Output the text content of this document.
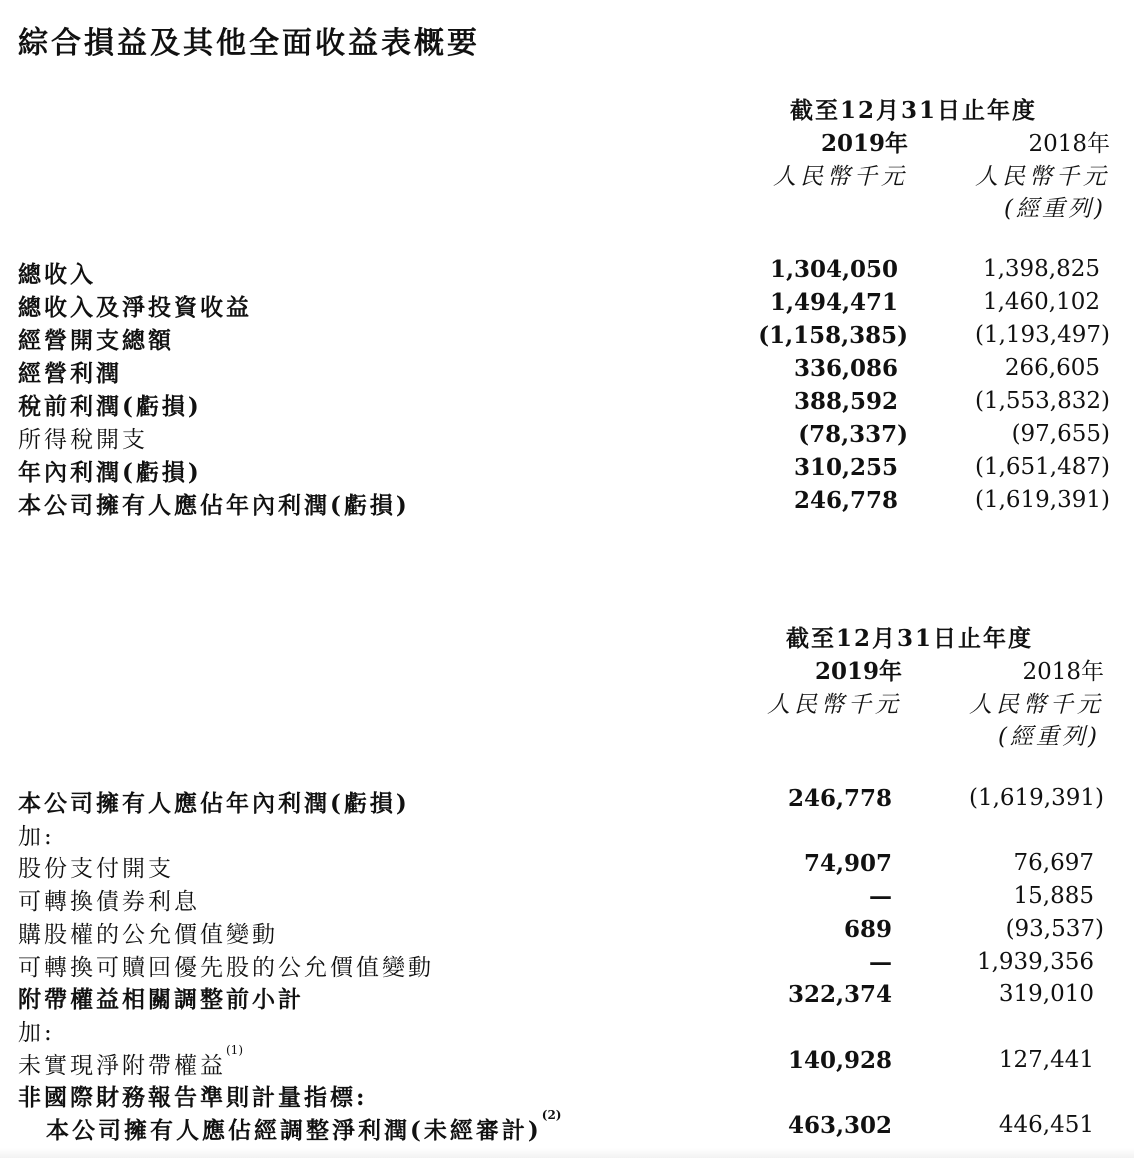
綜合損益及其他全面收益表概要
截至12月31日止年度
2019年	2018年
人民幣千元	人民幣千元
(經重列)
總收入	1,304,050	1,398,825
總收入及淨投資收益	1,494,471	1,460,102
經營開支總額	(1,158,385)	(1,193,497)
經營利潤	336,086	266,605
稅前利潤(虧損)	388,592	(1,553,832)
所得稅開支	(78,337)	(97,655)
年內利潤(虧損)	310,255	(1,651,487)
本公司擁有人應佔年內利潤(虧損)	246,778	(1,619,391)
截至12月31日止年度
2019年	2018年
人民幣千元	人民幣千元
(經重列)
本公司擁有人應佔年內利潤(虧損)	246,778	(1,619,391)
加:
股份支付開支	74,907	76,697
可轉換債券利息	—	15,885
購股權的公允價值變動	689	(93,537)
可轉換可贖回優先股的公允價值變動	—	1,939,356
附帶權益相關調整前小計	322,374	319,010
加:
未實現淨附帶權益$^{(1)}$	140,928	127,441
非國際財務報告準則計量指標:
本公司擁有人應佔經調整淨利潤(未經審計)$^{(2)}$	463,302	446,451
